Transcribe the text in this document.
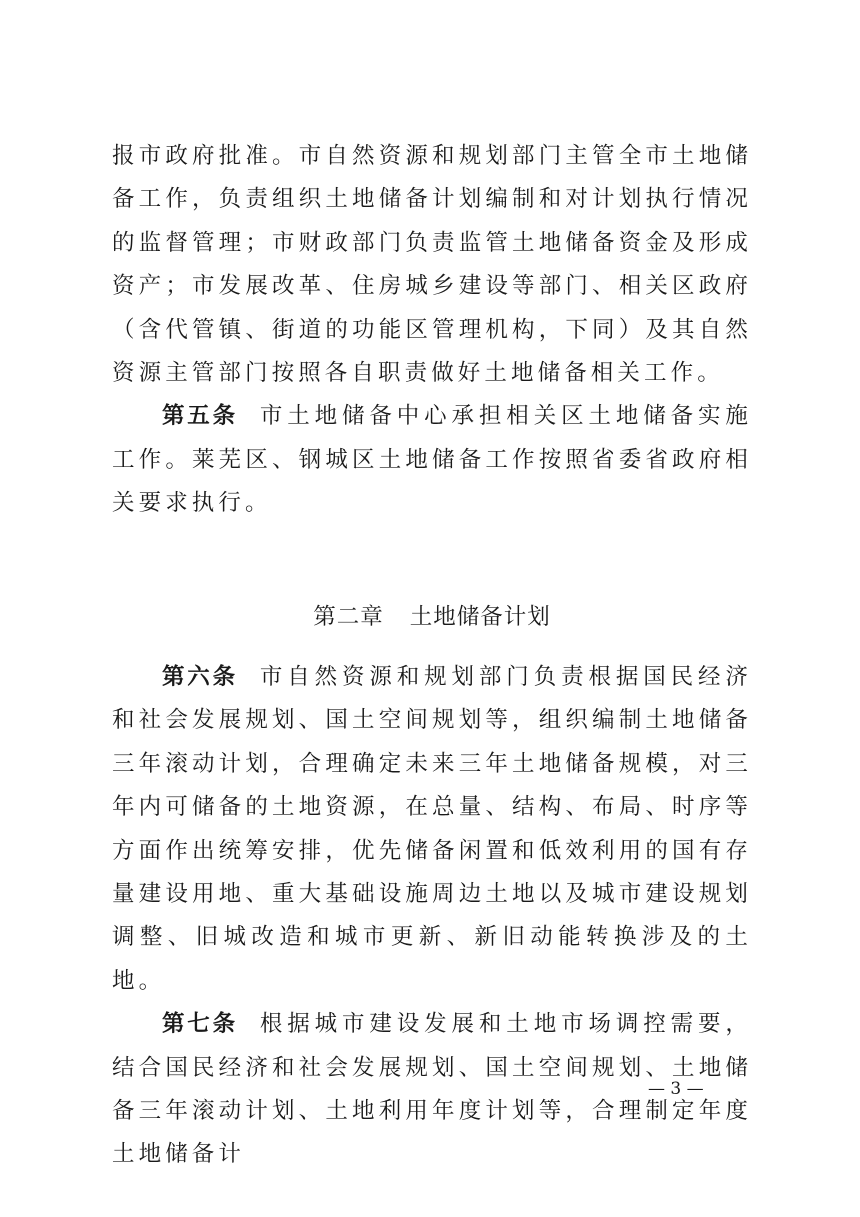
报市政府批准。市自然资源和规划部门主管全市土地储备工作，负责组织土地储备计划编制和对计划执行情况的监督管理；市财政部门负责监管土地储备资金及形成资产；市发展改革、住房城乡建设等部门、相关区政府（含代管镇、街道的功能区管理机构，下同）及其自然资源主管部门按照各自职责做好土地储备相关工作。

第五条 市土地储备中心承担相关区土地储备实施工作。莱芜区、钢城区土地储备工作按照省委省政府相关要求执行。

第二章 土地储备计划

第六条 市自然资源和规划部门负责根据国民经济和社会发展规划、国土空间规划等，组织编制土地储备三年滚动计划，合理确定未来三年土地储备规模，对三年内可储备的土地资源，在总量、结构、布局、时序等方面作出统筹安排，优先储备闲置和低效利用的国有存量建设用地、重大基础设施周边土地以及城市建设规划调整、旧城改造和城市更新、新旧动能转换涉及的土地。

第七条 根据城市建设发展和土地市场调控需要，结合国民经济和社会发展规划、国土空间规划、土地储备三年滚动计划、土地利用年度计划等，合理制定年度土地储备计

— 3 —
